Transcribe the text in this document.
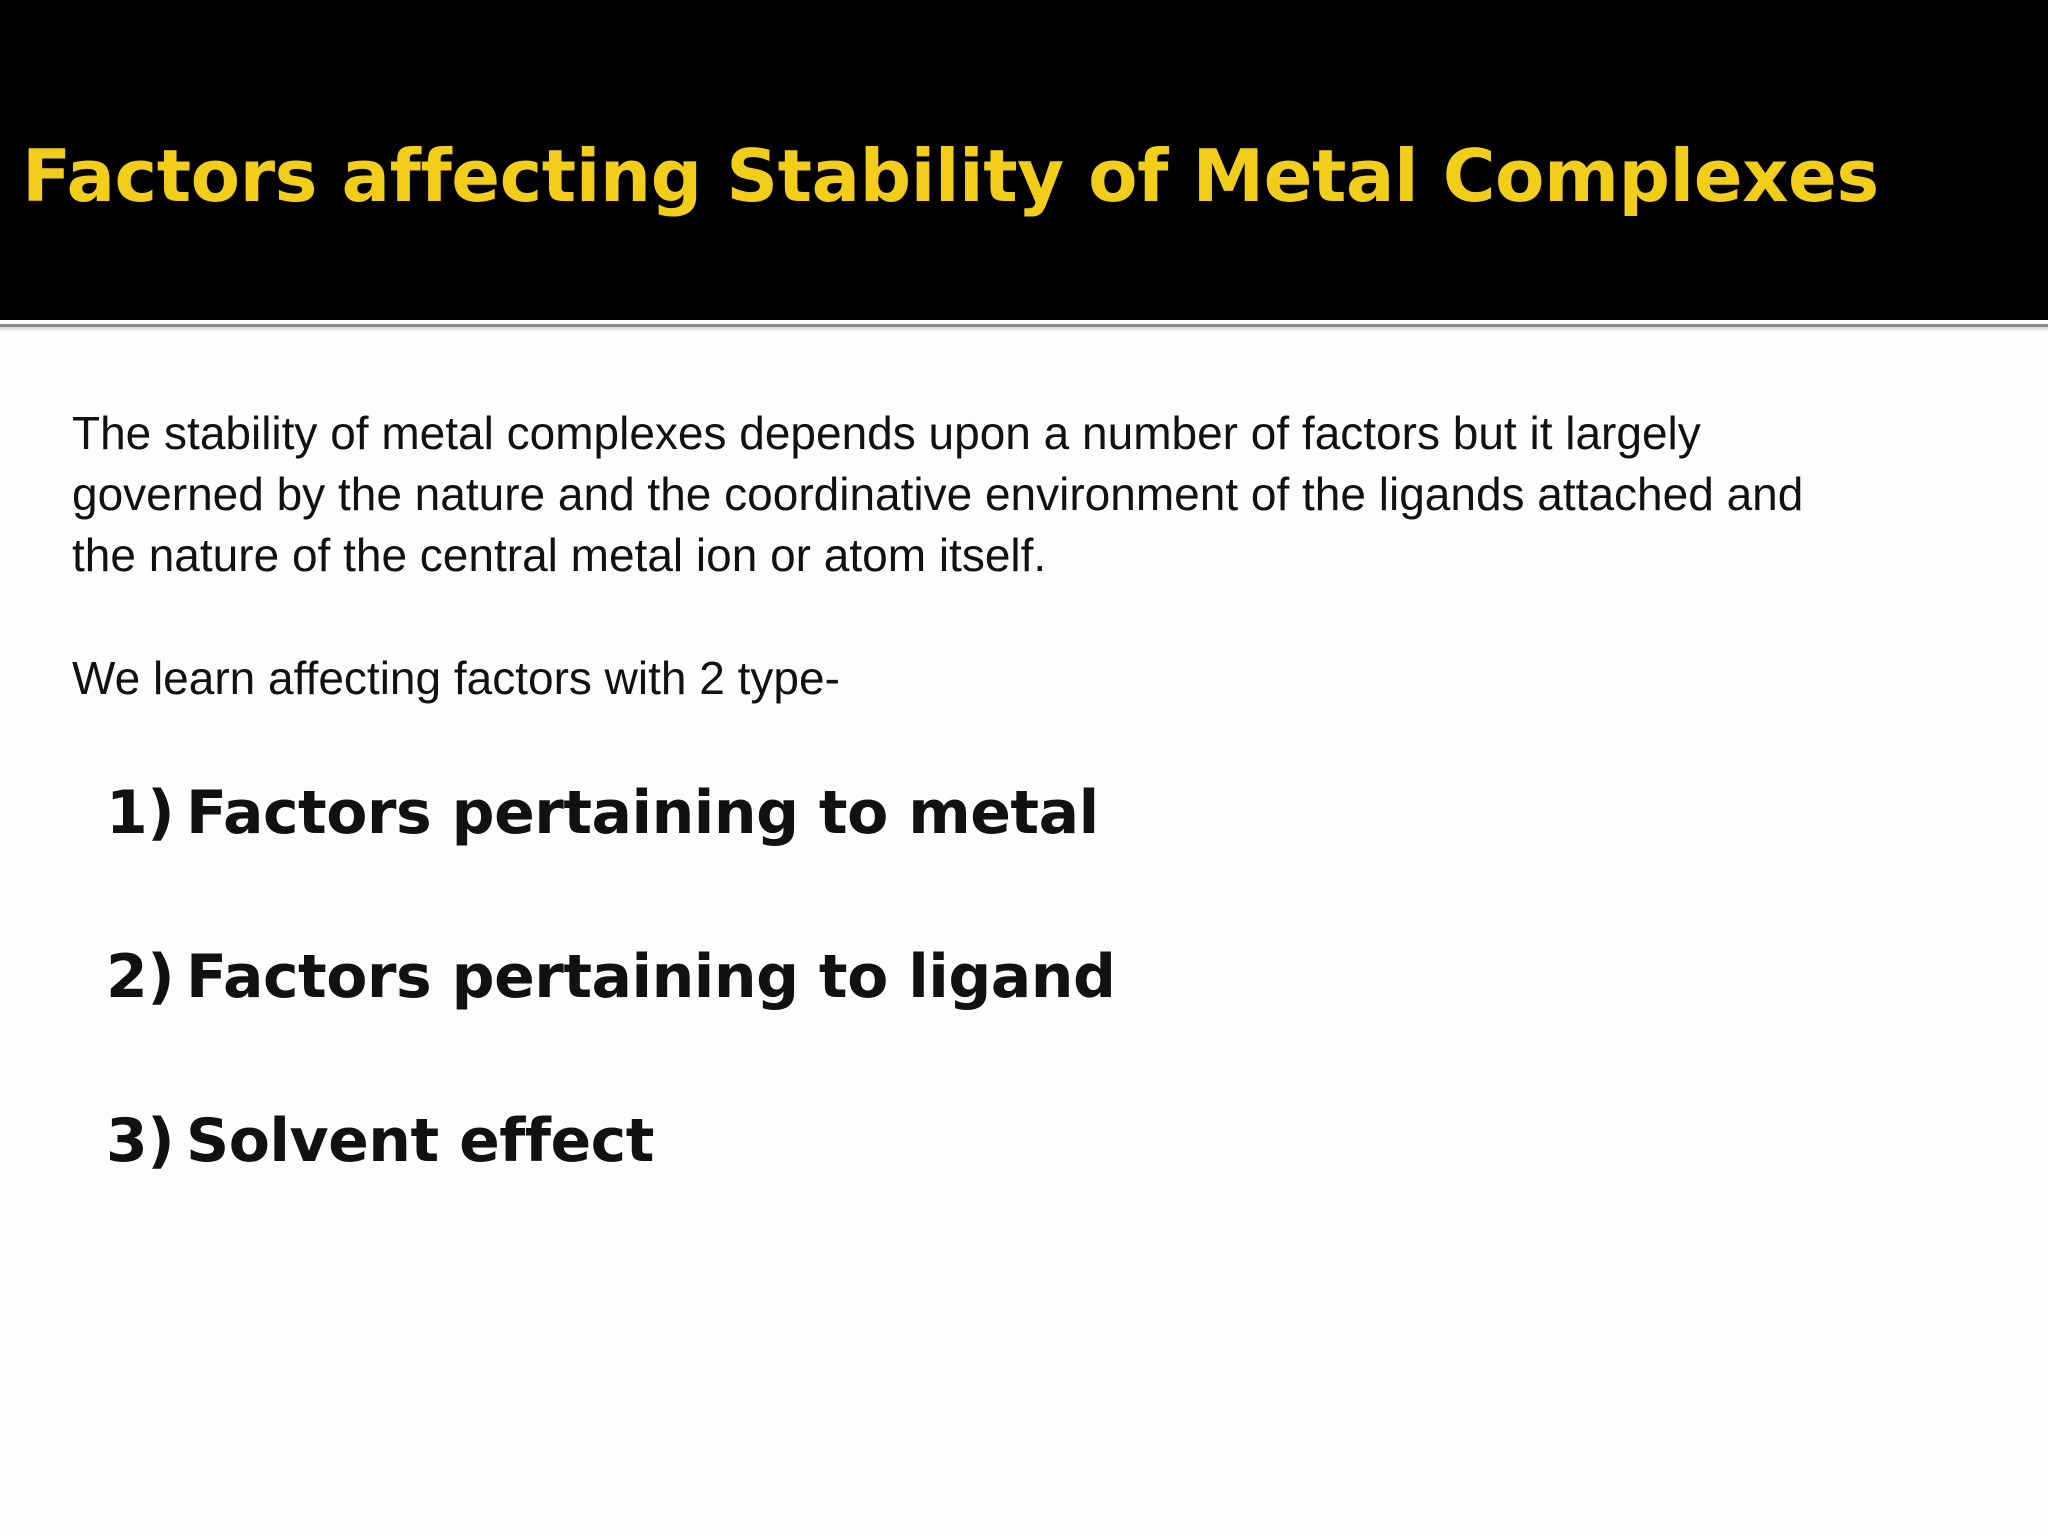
Factors affecting Stability of Metal Complexes

The stability of metal complexes depends upon a number of factors but it largely governed by the nature and the coordinative environment of the ligands attached and the nature of the central metal ion or atom itself.

We learn affecting factors with 2 type-

1) Factors pertaining to metal
2) Factors pertaining to ligand
3) Solvent effect
